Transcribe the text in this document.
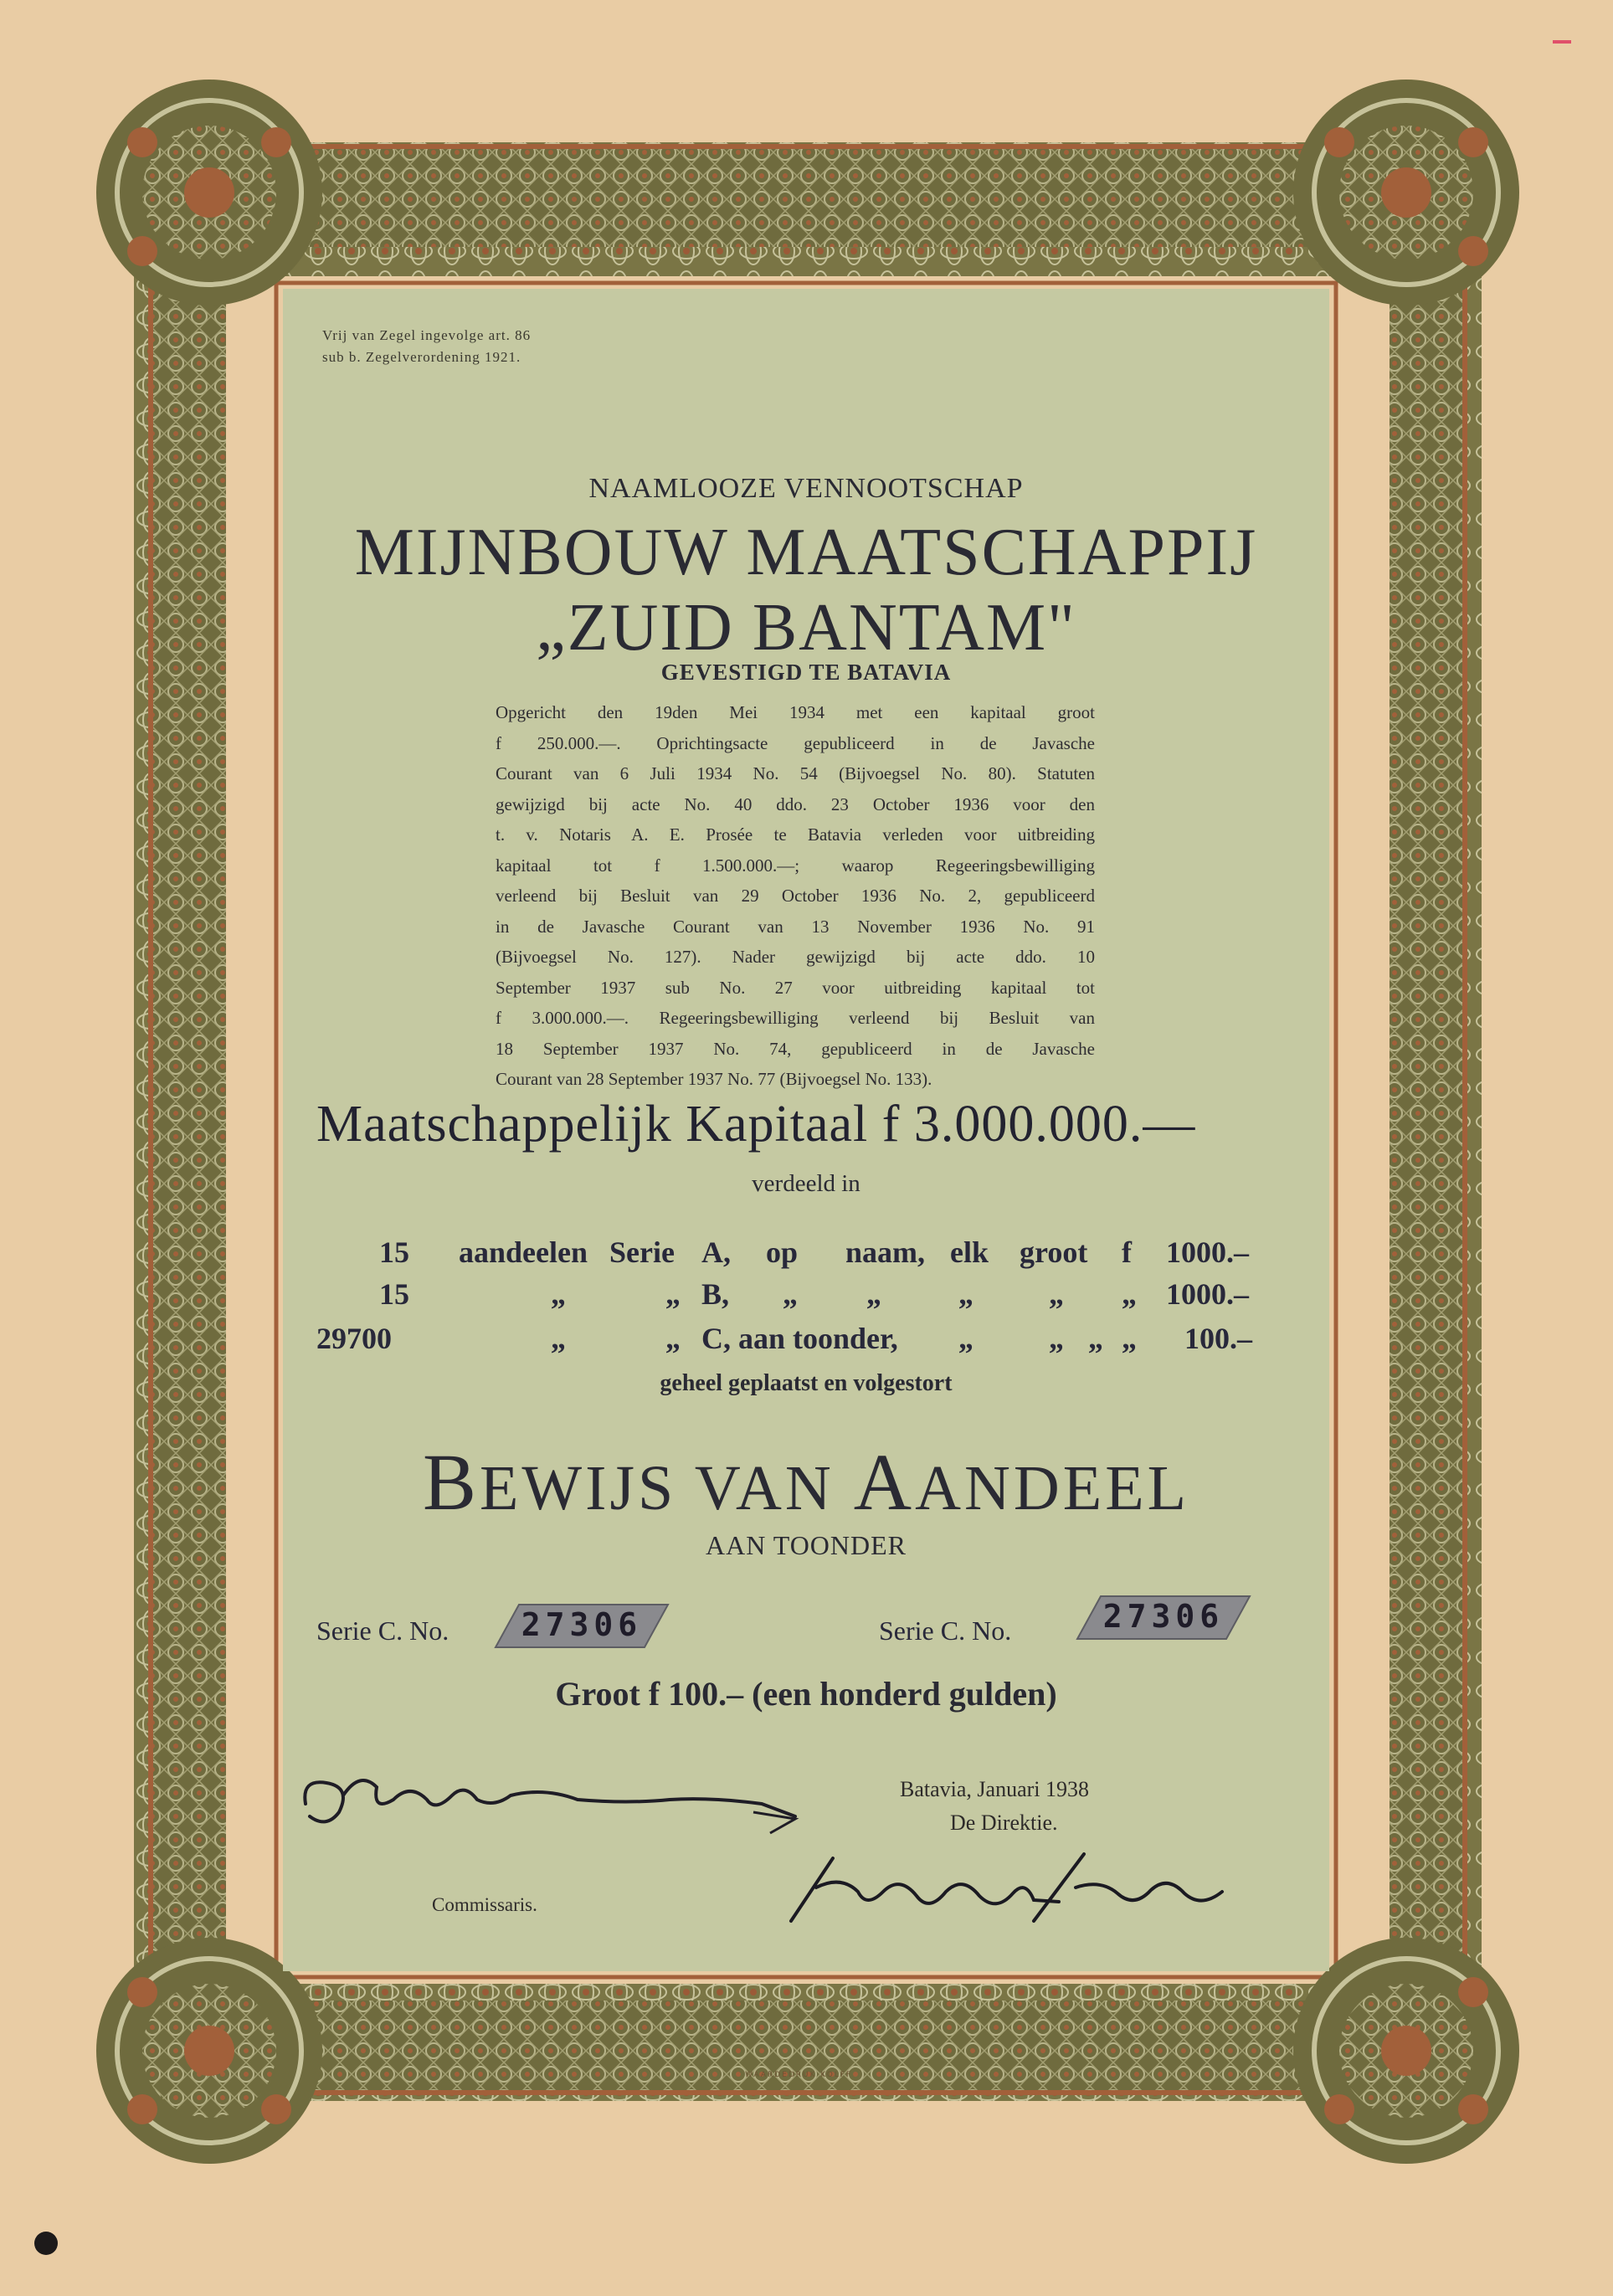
Vrij van Zegel ingevolge art. 86
sub b. Zegelverordening 1921.
NAAMLOOZE VENNOOTSCHAP
MIJNBOUW MAATSCHAPPIJ
„ZUID BANTAM"
GEVESTIGD TE BATAVIA
Opgericht den 19den Mei 1934 met een kapitaal groot
f 250.000.—. Oprichtingsacte gepubliceerd in de Javasche
Courant van 6 Juli 1934 No. 54 (Bijvoegsel No. 80). Statuten
gewijzigd bij acte No. 40 ddo. 23 October 1936 voor den
t. v. Notaris A. E. Prosée te Batavia verleden voor uitbreiding
kapitaal tot f 1.500.000.—; waarop Regeeringsbewilliging
verleend bij Besluit van 29 October 1936 No. 2, gepubliceerd
in de Javasche Courant van 13 November 1936 No. 91
(Bijvoegsel No. 127). Nader gewijzigd bij acte ddo. 10
September 1937 sub No. 27 voor uitbreiding kapitaal tot
f 3.000.000.—. Regeeringsbewilliging verleend bij Besluit van
18 September 1937 No. 74, gepubliceerd in de Javasche
Courant van 28 September 1937 No. 77 (Bijvoegsel No. 133).
Maatschappelijk Kapitaal f 3.000.000.—
verdeeld in
15 aandeelen Serie A, op naam, elk groot f 1000.–
15	„	„ B, „ „	„	„ „ 1000.–
29700	„	„ C, aan toonder, „	„ „ „ 100.–
geheel geplaatst en volgestort
BEWIJS VAN AANDEEL
AAN TOONDER
Serie C. No.	27306	Serie C. No.	27306
Groot f 100.– (een honderd gulden)
Batavia, Januari 1938
De Direktie.
Commissaris.
WAARDEDRUK KOLFF
